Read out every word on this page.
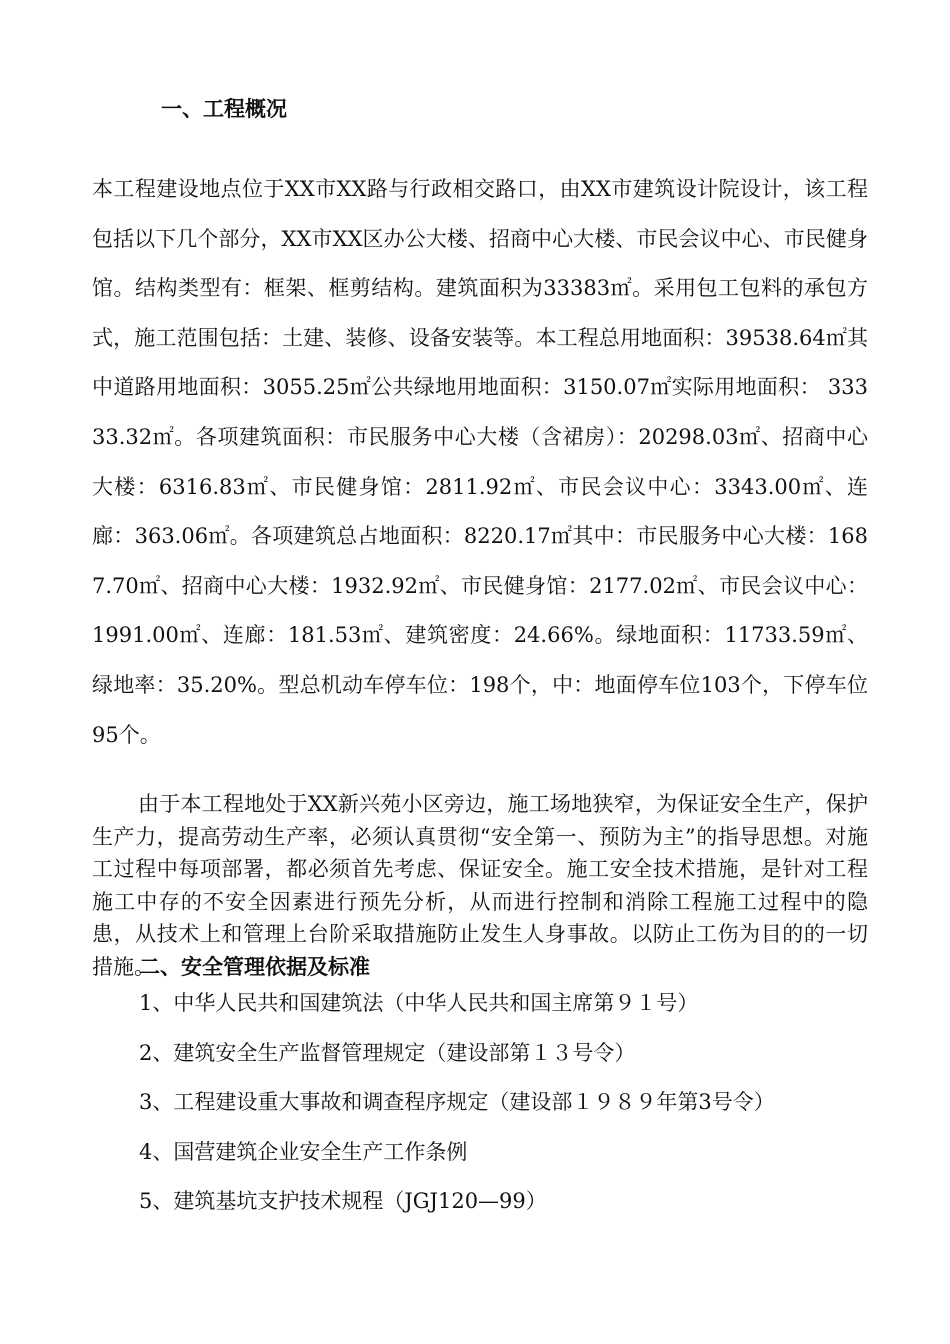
一、工程概况

本工程建设地点位于XX市XX路与行政相交路口，由XX市建筑设计院设计，该工程包括以下几个部分，XX市XX区办公大楼、招商中心大楼、市民会议中心、市民健身馆。结构类型有：框架、框剪结构。建筑面积为33383㎡。采用包工包料的承包方式，施工范围包括：土建、装修、设备安装等。本工程总用地面积：39538.64㎡其中道路用地面积：3055.25㎡公共绿地用地面积：3150.07㎡实际用地面积： 33333.32㎡。各项建筑面积：市民服务中心大楼（含裙房）：20298.03㎡、招商中心大楼：6316.83㎡、市民健身馆：2811.92㎡、市民会议中心：3343.00㎡、连廊：363.06㎡。各项建筑总占地面积：8220.17㎡其中：市民服务中心大楼：1687.70㎡、招商中心大楼：1932.92㎡、市民健身馆：2177.02㎡、市民会议中心：1991.00㎡、连廊：181.53㎡、建筑密度：24.66%。绿地面积：11733.59㎡、绿地率：35.20%。型总机动车停车位：198个，中：地面停车位103个，下停车位95个。

由于本工程地处于XX新兴苑小区旁边，施工场地狭窄，为保证安全生产，保护生产力，提高劳动生产率，必须认真贯彻“安全第一、预防为主”的指导思想。对施工过程中每项部署，都必须首先考虑、保证安全。施工安全技术措施，是针对工程施工中存的不安全因素进行预先分析，从而进行控制和消除工程施工过程中的隐患，从技术上和管理上台阶采取措施防止发生人身事故。以防止工伤为目的的一切措施。

二、安全管理依据及标准
1、中华人民共和国建筑法（中华人民共和国主席第９１号）
2、建筑安全生产监督管理规定（建设部第１３号令）
3、工程建设重大事故和调查程序规定（建设部１９８９年第3号令）
4、国营建筑企业安全生产工作条例
5、建筑基坑支护技术规程（JGJ120—99）
